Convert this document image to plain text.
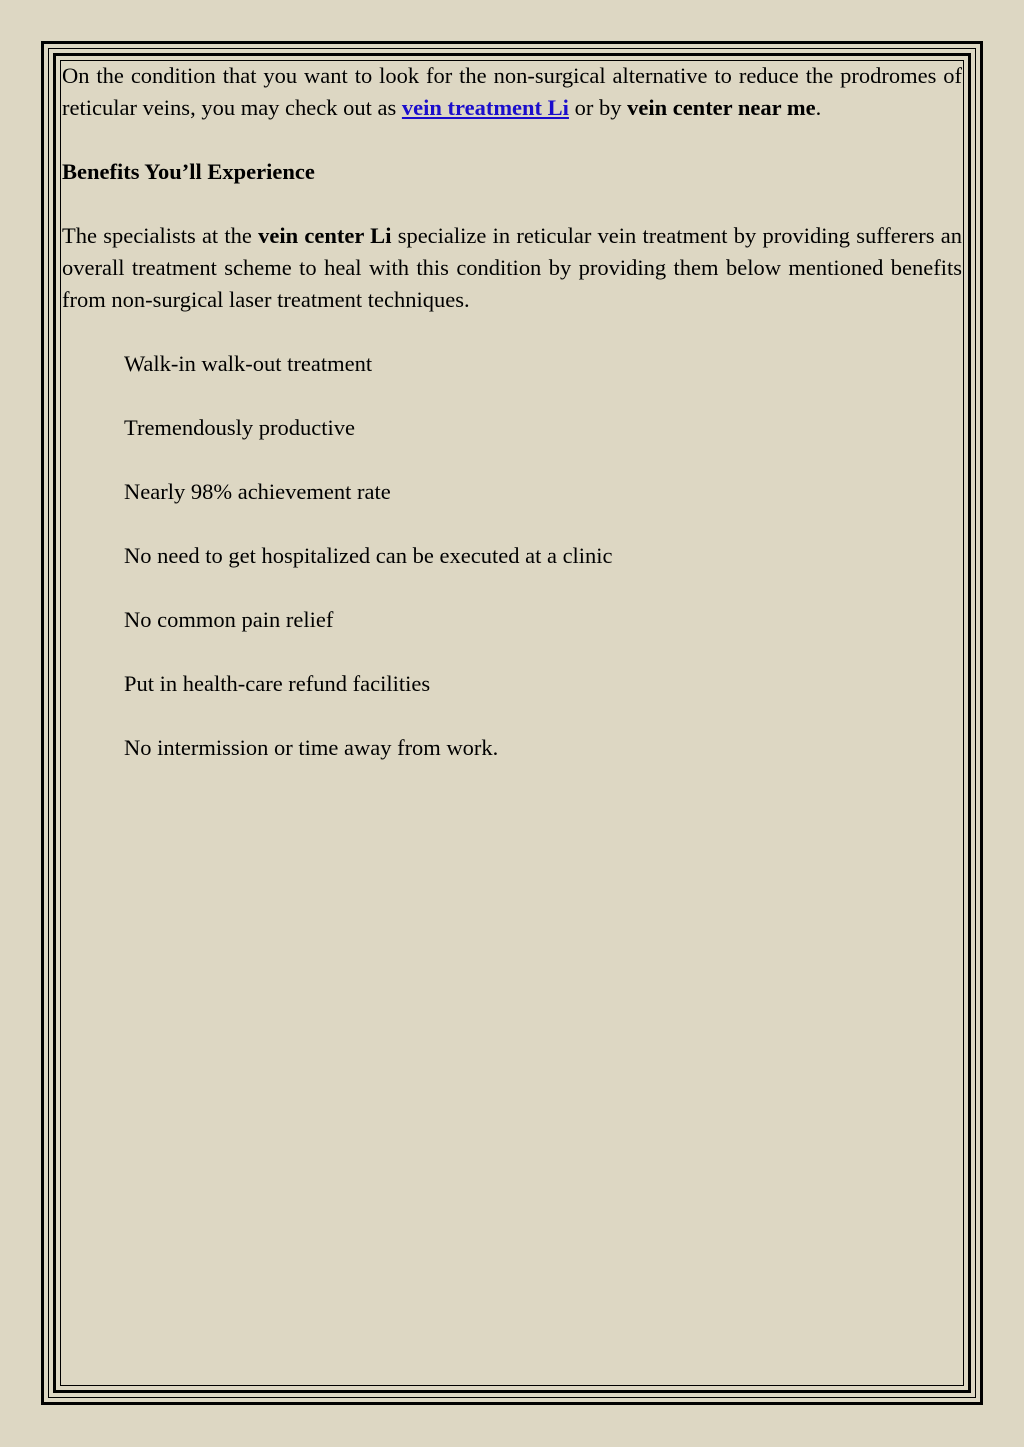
On the condition that you want to look for the non-surgical alternative to reduce the prodromes of reticular veins, you may check out as vein treatment Li or by vein center near me.

Benefits You’ll Experience

The specialists at the vein center Li specialize in reticular vein treatment by providing sufferers an overall treatment scheme to heal with this condition by providing them below mentioned benefits from non-surgical laser treatment techniques.

Walk-in walk-out treatment
Tremendously productive
Nearly 98% achievement rate
No need to get hospitalized can be executed at a clinic
No common pain relief
Put in health-care refund facilities
No intermission or time away from work.
